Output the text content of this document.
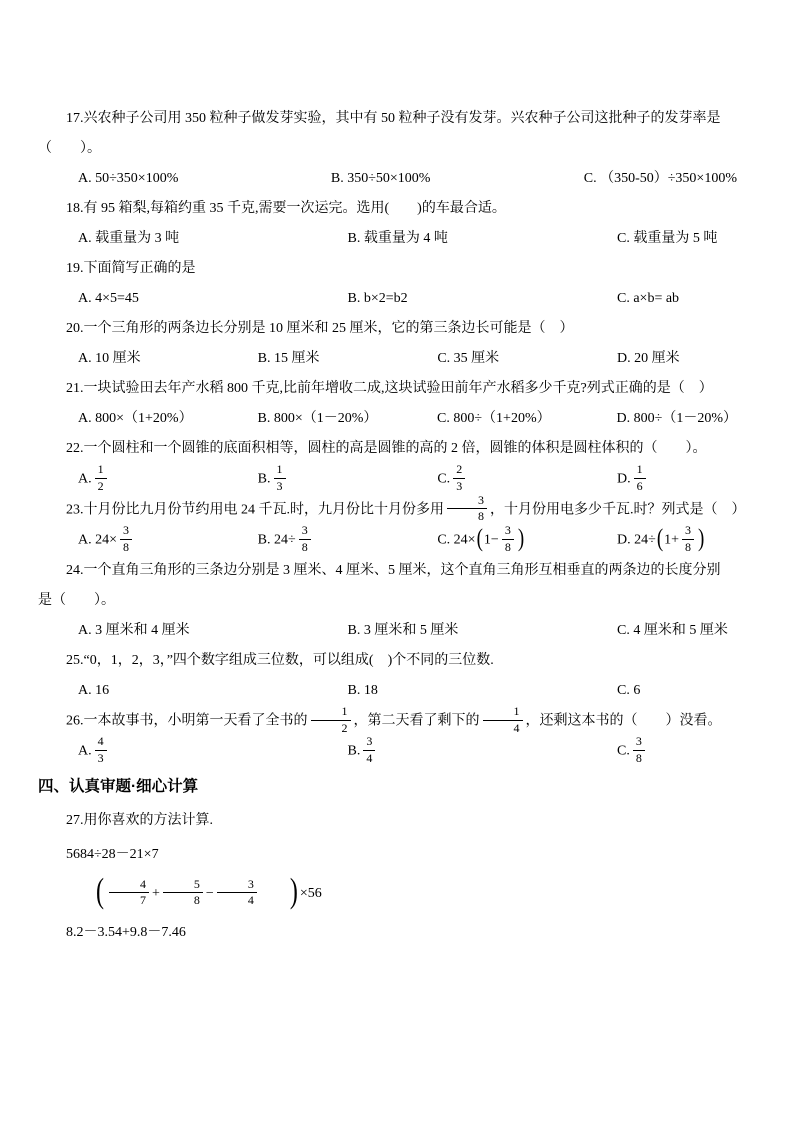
17.兴农种子公司用 350 粒种子做发芽实验，其中有 50 粒种子没有发芽。兴农种子公司这批种子的发芽率是

（　　）。

A. 50÷350×100%	B. 350÷50×100%	C. （350-50）÷350×100%

18.有 95 箱梨,每箱约重 35 千克,需要一次运完。选用(　　)的车最合适。

A. 载重量为 3 吨	B. 载重量为 4 吨	C. 载重量为 5 吨

19.下面简写正确的是

A. 4×5=45	B. b×2=b2	C. a×b= ab

20.一个三角形的两条边长分别是 10 厘米和 25 厘米，它的第三条边长可能是（　）

A. 10 厘米	B. 15 厘米	C. 35 厘米	D. 20 厘米

21.一块试验田去年产水稻 800 千克,比前年增收二成,这块试验田前年产水稻多少千克?列式正确的是（　）

A. 800×（1+20%）	B. 800×（1－20%）	C. 800÷（1+20%）	D. 800÷（1－20%）

22.一个圆柱和一个圆锥的底面积相等，圆柱的高是圆锥的高的 2 倍，圆锥的体积是圆柱体积的（　　）。

A. $\frac{1}{2}$	B. $\frac{1}{3}$	C. $\frac{2}{3}$	D. $\frac{1}{6}$

23.十月份比九月份节约用电 24 千瓦.时，九月份比十月份多用 $\frac{3}{8}$ ，十月份用电多少千瓦.时？列式是（　）

A. $24\times \frac{3}{8}$	B. $24\div \frac{3}{8}$	C. $24\times(1- \frac{3}{8}$ )	D. $24\div(1+ \frac{3}{8}$ )

24.一个直角三角形的三条边分别是 3 厘米、4 厘米、5 厘米，这个直角三角形互相垂直的两条边的长度分别

是（　　）。

A. 3 厘米和 4 厘米	B. 3 厘米和 5 厘米	C. 4 厘米和 5 厘米

25.“0，1，2，3，”四个数字组成三位数，可以组成(　)个不同的三位数.

A. 16	B. 18	C. 6

26.一本故事书，小明第一天看了全书的 $\frac{1}{2}$ ，第二天看了剩下的 $\frac{1}{4}$ ，还剩这本书的（　　）没看。

A. $\frac{4}{3}$	B. $\frac{3}{4}$	C. $\frac{3}{8}$
四、认真审题·细心计算

27.用你喜欢的方法计算.

5684÷28－21×7

( $\frac{4}{7} + \frac{5}{8} - \frac{3}{4}$ ) ×56

8.2－3.54+9.8－7.46
